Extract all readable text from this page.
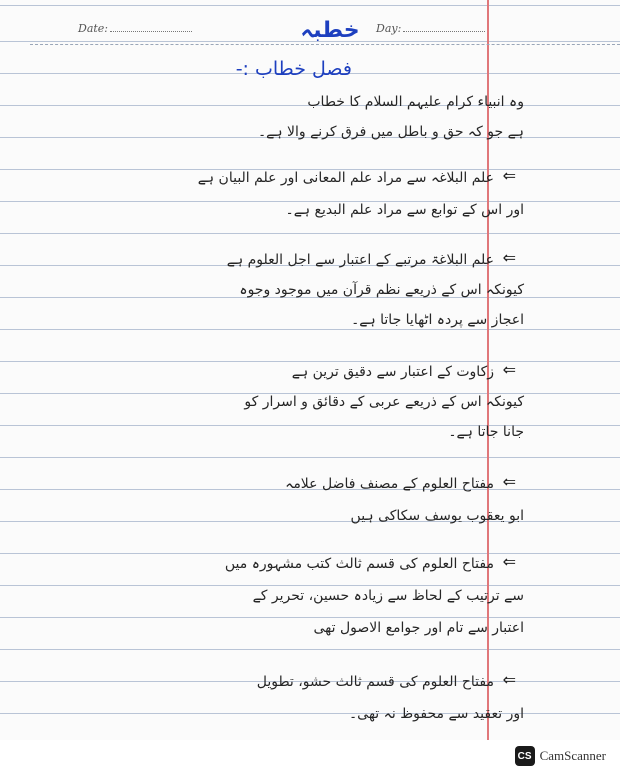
Date:	Day:
خطبہ
فصل خطاب :-
وہ انبیاء کرام علیہم السلام کا خطاب
ہے جو کہ حق و باطل میں فرق کرنے والا ہے۔
⇐
علم البلاغہ سے مراد علم المعانی اور علم البیان ہے
اور اس کے توابع سے مراد علم البدیع ہے۔
⇐
علم البلاغۃ مرتبے کے اعتبار سے اجل العلوم ہے
کیونکہ اس کے ذریعے نظم قرآن میں موجود وجوہ
اعجاز سے پردہ اٹھایا جاتا ہے۔
⇐
زکاوت کے اعتبار سے دقیق ترین ہے
کیونکہ اس کے ذریعے عربی کے دقائق و اسرار کو
جانا جاتا ہے۔
⇐
مفتاح العلوم کے مصنف فاضل علامہ
ابو یعقوب یوسف سکاکی ہیں
⇐
مفتاح العلوم کی قسم ثالث کتب مشہورہ میں
سے ترتیب کے لحاظ سے زیادہ حسین، تحریر کے
اعتبار سے تام اور جوامع الاصول تھی
⇐
مفتاح العلوم کی قسم ثالث حشو، تطویل
اور تعقید سے محفوظ نہ تھی۔
CS CamScanner
